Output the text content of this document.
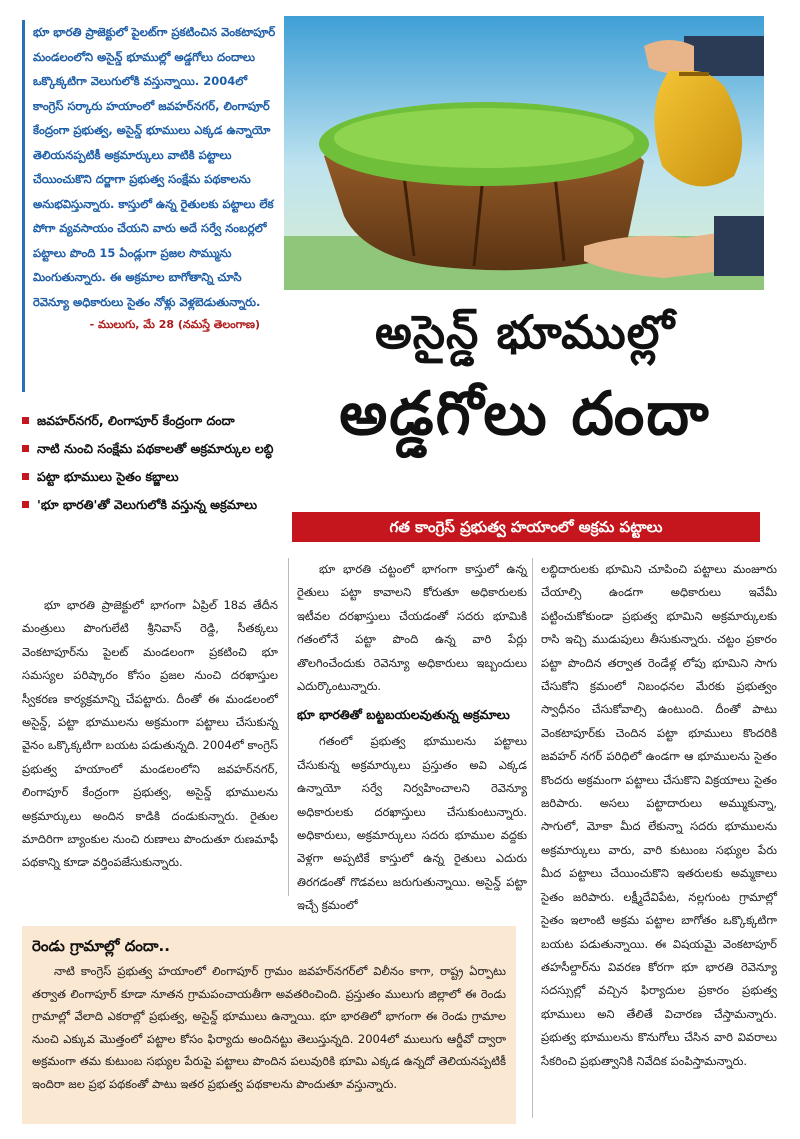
భూ భారతి ప్రాజెక్టులో పైలట్‌గా ప్రకటించిన వెంకటాపూర్ మండలంలోని అసైన్డ్ భూముల్లో అడ్డగోలు దందాలు ఒక్కొక్కటిగా వెలుగులోకి వస్తున్నాయి. 2004లో కాంగ్రెస్ సర్కారు హయాంలో జవహర్‌నగర్, లింగాపూర్ కేంద్రంగా ప్రభుత్వ, అసైన్డ్ భూములు ఎక్కడ ఉన్నాయో తెలియనప్పటికీ అక్రమార్కులు వాటికి పట్టాలు చేయించుకొని దర్జాగా ప్రభుత్వ సంక్షేమ పథకాలను అనుభవిస్తున్నారు. కాస్తులో ఉన్న రైతులకు పట్టాలు లేక పోగా వ్యవసాయం చేయని వారు అదే సర్వే నంబర్లలో పట్టాలు పొంది 15 ఏండ్లుగా ప్రజల సొమ్మును మింగుతున్నారు. ఈ అక్రమాల బాగోతాన్ని చూసి రెవెన్యూ అధికారులు సైతం నోళ్లు వెళ్లబెడుతున్నారు.

- ములుగు, మే 28 (నమస్తే తెలంగాణ)	అసైన్డ్ భూముల్లో
అడ్డగోలు దందా
గత కాంగ్రెస్ ప్రభుత్వ హయాంలో అక్రమ పట్టాలు
జవహర్‌నగర్, లింగాపూర్ కేంద్రంగా దందా
నాటి నుంచి సంక్షేమ పథకాలతో అక్రమార్కుల లబ్ధి
పట్టా భూములు సైతం కబ్జాలు
'భూ భారతి'తో వెలుగులోకి వస్తున్న అక్రమాలు

భూ భారతి ప్రాజెక్టులో భాగంగా ఏప్రిల్ 18వ తేదీన మంత్రులు పొంగులేటి శ్రీనివాస్ రెడ్డి, సీతక్కలు వెంకటాపూర్‌ను పైలట్ మండలంగా ప్రకటించి భూ సమస్యల పరిష్కారం కోసం ప్రజల నుంచి దరఖాస్తుల స్వీకరణ కార్యక్రమాన్ని చేపట్టారు. దీంతో ఈ మండలంలో అసైన్డ్, పట్టా భూములను అక్రమంగా పట్టాలు చేసుకున్న వైనం ఒక్కొక్కటిగా బయట పడుతున్నది. 2004లో కాంగ్రెస్ ప్రభుత్వ హయాంలో మండలంలోని జవహర్‌నగర్, లింగాపూర్ కేంద్రంగా ప్రభుత్వ, అసైన్డ్ భూములను అక్రమార్కులు అందిన కాడికి దండుకున్నారు. రైతుల మాదిరిగా బ్యాంకుల నుంచి రుణాలు పొందుతూ రుణమాఫీ పథకాన్ని కూడా వర్తింపజేసుకున్నారు.

భూ భారతి చట్టంలో భాగంగా కాస్తులో ఉన్న రైతులు పట్టా కావాలని కోరుతూ అధికారులకు ఇటీవల దరఖాస్తులు చేయడంతో సదరు భూమికి గతంలోనే పట్టా పొంది ఉన్న వారి పేర్లు తొలగించేందుకు రెవెన్యూ అధికారులు ఇబ్బందులు ఎదుర్కొంటున్నారు.

భూ భారతితో బట్టబయలవుతున్న అక్రమాలు

గతంలో ప్రభుత్వ భూములను పట్టాలు చేసుకున్న అక్రమార్కులు ప్రస్తుతం అవి ఎక్కడ ఉన్నాయో సర్వే నిర్వహించాలని రెవెన్యూ అధికారులకు దరఖాస్తులు చేసుకుంటున్నారు. అధికారులు, అక్రమార్కులు సదరు భూముల వద్దకు వెళ్లగా అప్పటికే కాస్తులో ఉన్న రైతులు ఎదురు తిరగడంతో గొడవలు జరుగుతున్నాయి. అసైన్డ్ పట్టా ఇచ్చే క్రమంలో

లబ్ధిదారులకు భూమిని చూపించి పట్టాలు మంజూరు చేయాల్సి ఉండగా అధికారులు ఇవేమీ పట్టించుకోకుండా ప్రభుత్వ భూమిని అక్రమార్కులకు రాసి ఇచ్చి ముడుపులు తీసుకున్నారు. చట్టం ప్రకారం పట్టా పొందిన తర్వాత రెండేళ్ల లోపు భూమిని సాగు చేసుకోని క్రమంలో నిబంధనల మేరకు ప్రభుత్వం స్వాధీనం చేసుకోవాల్సి ఉంటుంది. దీంతో పాటు వెంకటాపూర్‌కు చెందిన పట్టా భూములు కొందరికి జవహర్ నగర్ పరిధిలో ఉండగా ఆ భూములను సైతం కొందరు అక్రమంగా పట్టాలు చేసుకొని విక్రయాలు సైతం జరిపారు. అసలు పట్టాదారులు అమ్ముకున్నా, సాగులో, మోకా మీద లేకున్నా సదరు భూములను అక్రమార్కులు వారు, వారి కుటుంబ సభ్యుల పేరు మీద పట్టాలు చేయించుకొని ఇతరులకు అమ్మకాలు సైతం జరిపారు. లక్ష్మీదేవిపేట, నల్లగుంట గ్రామాల్లో సైతం ఇలాంటి అక్రమ పట్టాల బాగోతం ఒక్కొక్కటిగా బయట పడుతున్నాయి. ఈ విషయమై వెంకటాపూర్ తహసీల్దార్‌ను వివరణ కోరగా భూ భారతి రెవెన్యూ సదస్సుల్లో వచ్చిన ఫిర్యాదుల ప్రకారం ప్రభుత్వ భూములు అని తేలితే విచారణ చేస్తామన్నారు. ప్రభుత్వ భూములను కొనుగోలు చేసిన వారి వివరాలు సేకరించి ప్రభుత్వానికి నివేదిక పంపిస్తామన్నారు.

రెండు గ్రామాల్లో దందా..

నాటి కాంగ్రెస్ ప్రభుత్వ హయాంలో లింగాపూర్ గ్రామం జవహర్‌నగర్‌లో విలీనం కాగా, రాష్ట్ర ఏర్పాటు తర్వాత లింగాపూర్ కూడా నూతన గ్రామపంచాయతీగా అవతరించింది. ప్రస్తుతం ములుగు జిల్లాలో ఈ రెండు గ్రామాల్లో వేలాది ఎకరాల్లో ప్రభుత్వ, అసైన్డ్ భూములు ఉన్నాయి. భూ భారతిలో భాగంగా ఈ రెండు గ్రామాల నుంచి ఎక్కువ మొత్తంలో పట్టాల కోసం ఫిర్యాదు అందినట్టు తెలుస్తున్నది. 2004లో ములుగు ఆర్డీవో ద్వారా అక్రమంగా తమ కుటుంబ సభ్యుల పేరుపై పట్టాలు పొందిన పలువురికి భూమి ఎక్కడ ఉన్నదో తెలియనప్పటికీ ఇందిరా జల ప్రభ పథకంతో పాటు ఇతర ప్రభుత్వ పథకాలను పొందుతూ వస్తున్నారు.
